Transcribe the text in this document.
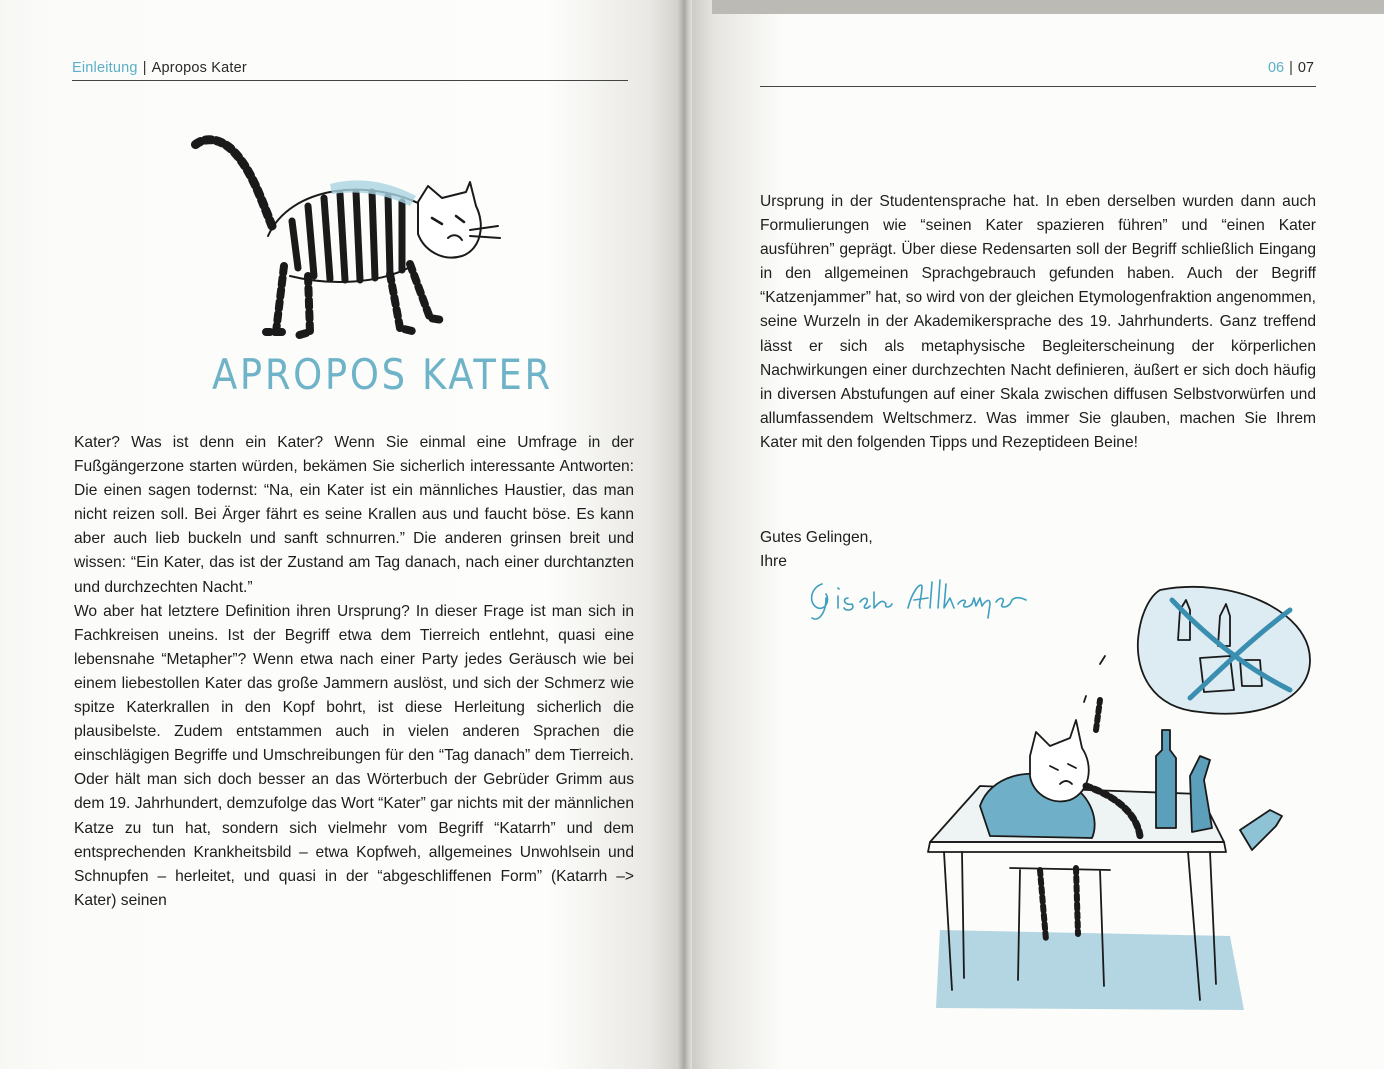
Einleitung | Apropos Kater
APROPOS KATER

Kater? Was ist denn ein Kater? Wenn Sie einmal eine Umfrage in der Fußgängerzone starten würden, bekämen Sie sicherlich interessante Antworten: Die einen sagen todernst: “Na, ein Kater ist ein männliches Haustier, das man nicht reizen soll. Bei Ärger fährt es seine Krallen aus und faucht böse. Es kann aber auch lieb buckeln und sanft schnurren.” Die anderen grinsen breit und wissen: “Ein Kater, das ist der Zustand am Tag danach, nach einer durchtanzten und durchzechten Nacht.”

Wo aber hat letztere Definition ihren Ursprung? In dieser Frage ist man sich in Fachkreisen uneins. Ist der Begriff etwa dem Tierreich entlehnt, quasi eine lebensnahe “Metapher”? Wenn etwa nach einer Party jedes Geräusch wie bei einem liebestollen Kater das große Jammern auslöst, und sich der Schmerz wie spitze Katerkrallen in den Kopf bohrt, ist diese Herleitung sicherlich die plausibelste. Zudem entstammen auch in vielen anderen Sprachen die einschlägigen Begriffe und Umschreibungen für den “Tag danach” dem Tierreich. Oder hält man sich doch besser an das Wörterbuch der Gebrüder Grimm aus dem 19. Jahrhundert, demzufolge das Wort “Kater” gar nichts mit der männlichen Katze zu tun hat, sondern sich vielmehr vom Begriff “Katarrh” und dem entsprechenden Krankheitsbild – etwa Kopfweh, allgemeines Unwohlsein und Schnupfen – herleitet, und quasi in der “abgeschliffenen Form” (Katarrh –> Kater) seinen

06 | 07

Ursprung in der Studentensprache hat. In eben derselben wurden dann auch Formulierungen wie “seinen Kater spazieren führen” und “einen Kater ausführen” geprägt. Über diese Redensarten soll der Begriff schließlich Eingang in den allgemeinen Sprachgebrauch gefunden haben. Auch der Begriff “Katzenjammer” hat, so wird von der gleichen Etymologenfraktion angenommen, seine Wurzeln in der Akademikersprache des 19. Jahrhunderts. Ganz treffend lässt er sich als metaphysische Begleiterscheinung der körperlichen Nachwirkungen einer durchzechten Nacht definieren, äußert er sich doch häufig in diversen Abstufungen auf einer Skala zwischen diffusen Selbstvorwürfen und allumfassendem Weltschmerz. Was immer Sie glauben, machen Sie Ihrem Kater mit den folgenden Tipps und Rezeptideen Beine!

Gutes Gelingen,
Ihre
